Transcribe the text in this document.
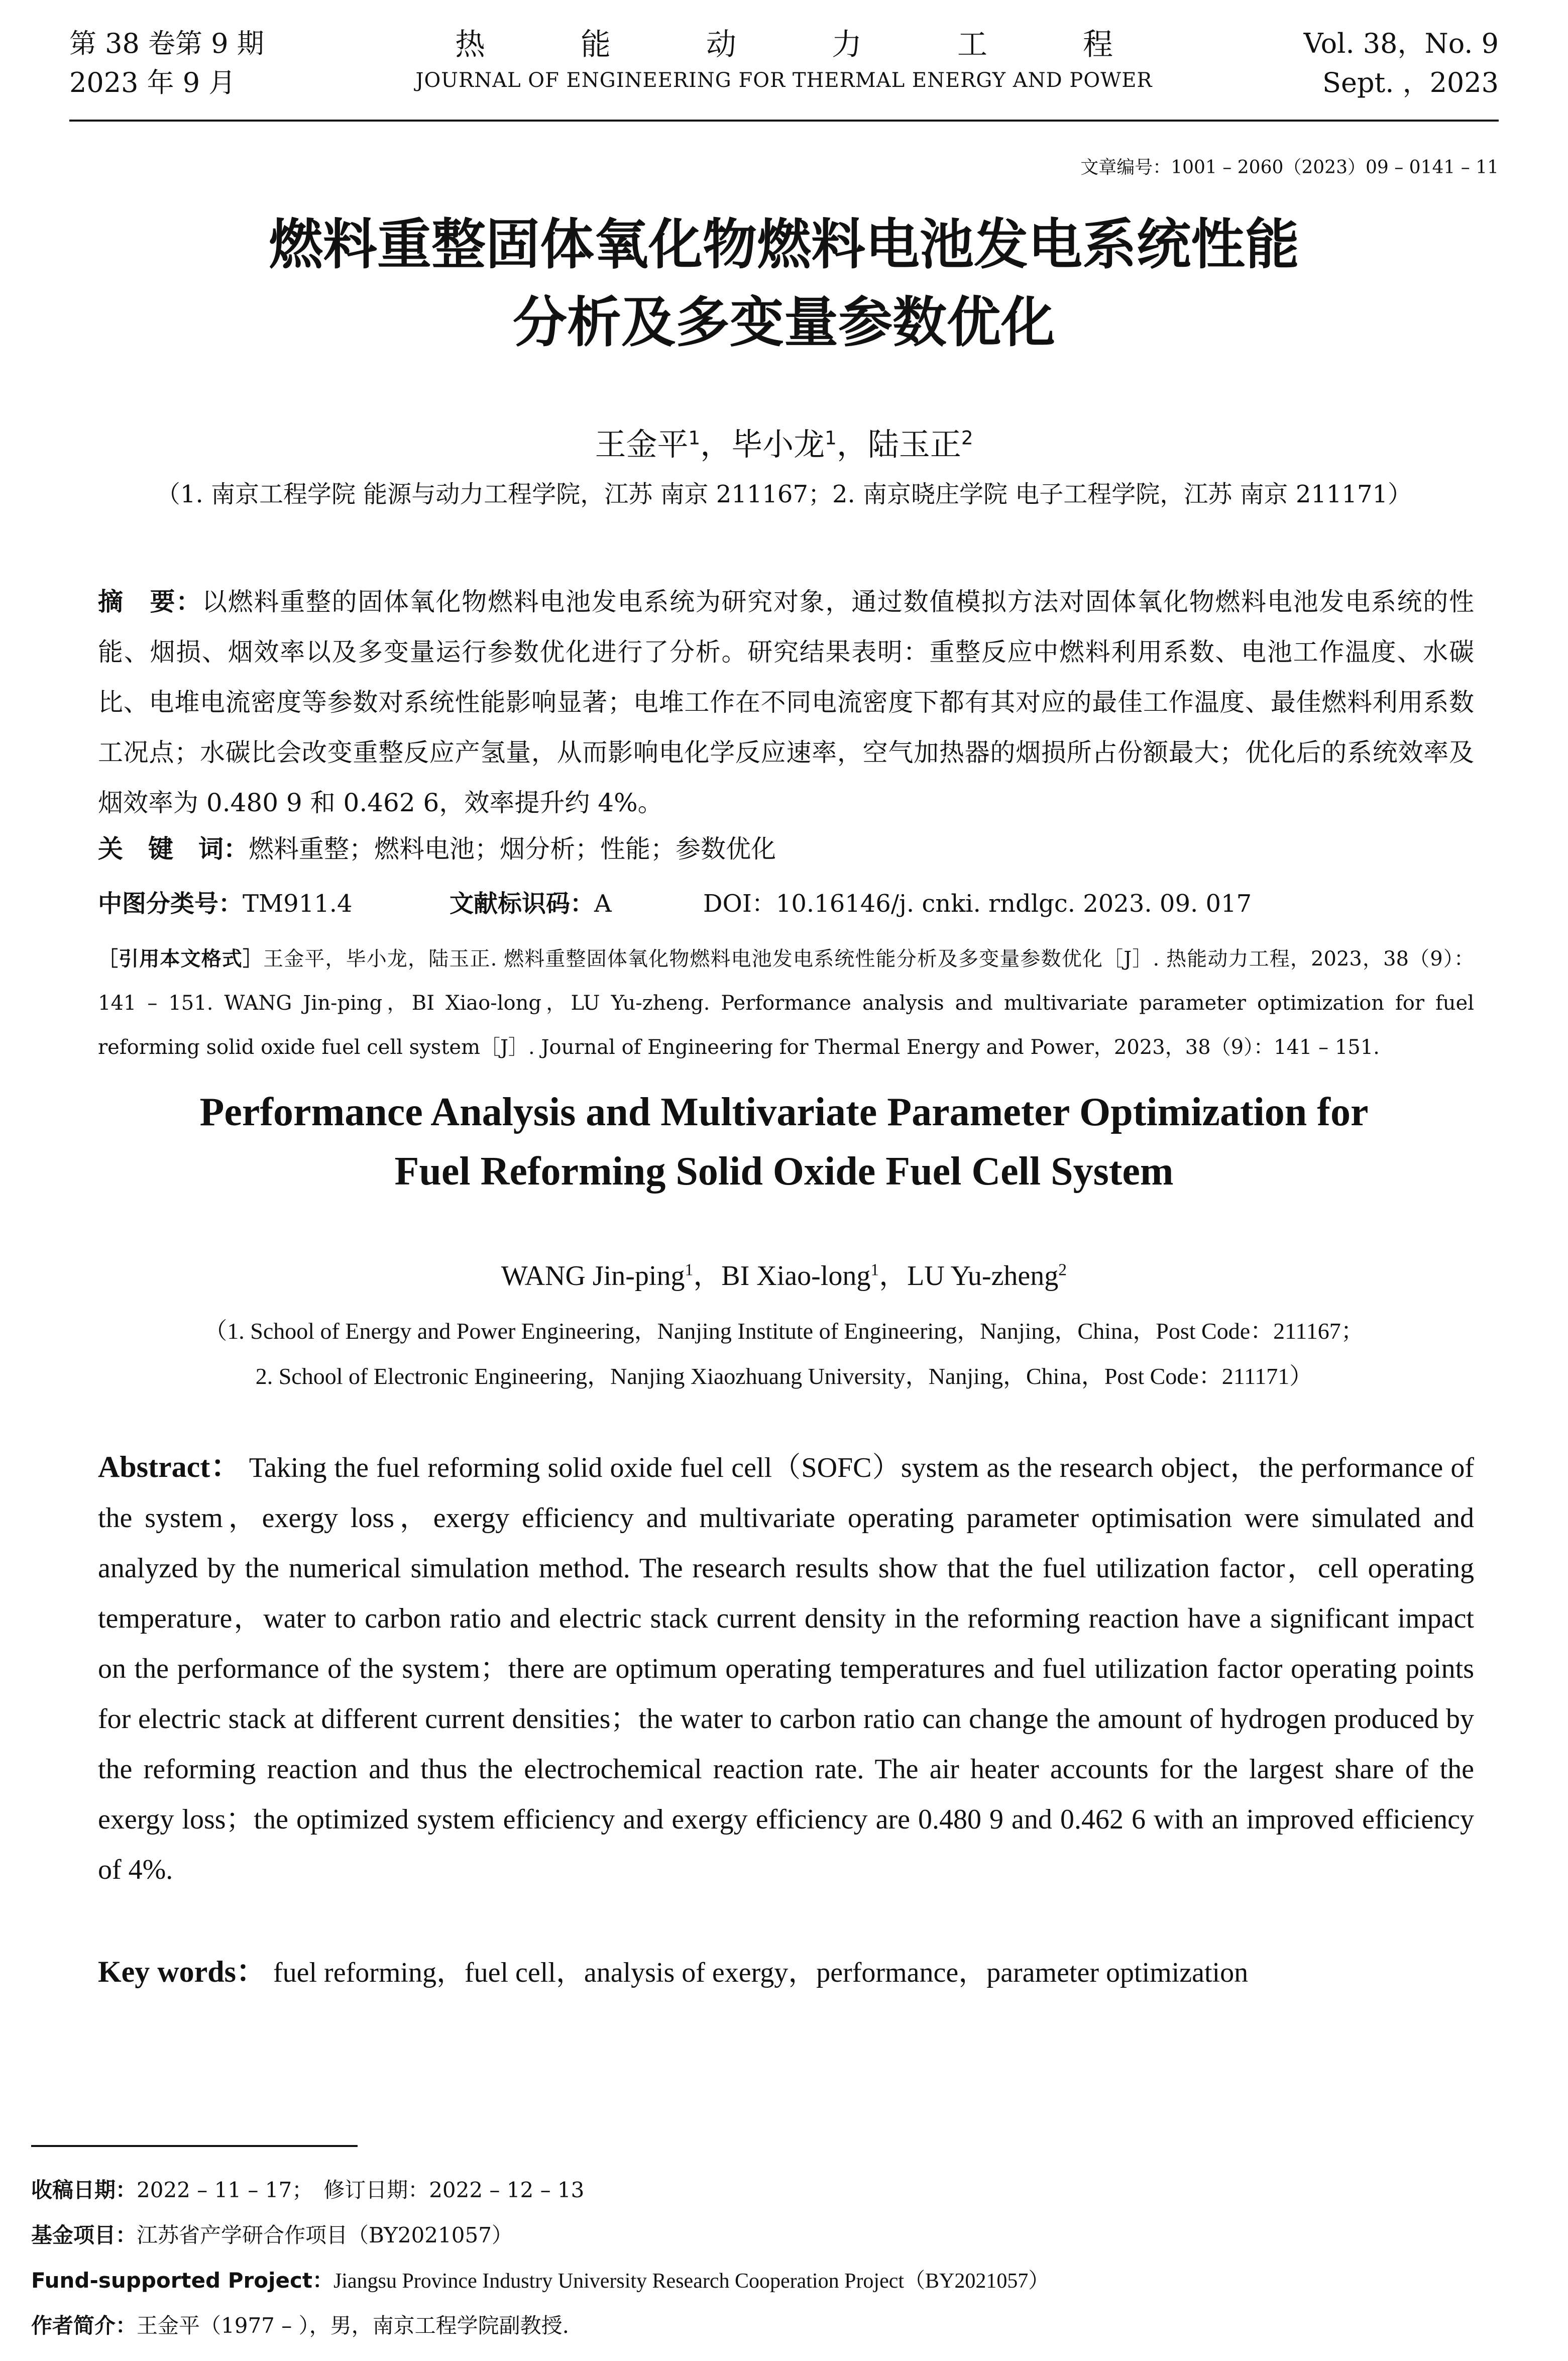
第 38 卷第 9 期
2023 年 9 月
热能动力工程
JOURNAL OF ENGINEERING FOR THERMAL ENERGY AND POWER
Vol. 38，No. 9
Sept. ，2023
文章编号：1001 – 2060（2023）09 – 0141 – 11
燃料重整固体氧化物燃料电池发电系统性能
分析及多变量参数优化
王金平$^1$，毕小龙$^1$，陆玉正$^2$
（1. 南京工程学院 能源与动力工程学院，江苏 南京 211167；2. 南京晓庄学院 电子工程学院，江苏 南京 211171）
摘　要：以燃料重整的固体氧化物燃料电池发电系统为研究对象，通过数值模拟方法对固体氧化物燃料电池发电系统的性能、烟损、烟效率以及多变量运行参数优化进行了分析。研究结果表明：重整反应中燃料利用系数、电池工作温度、水碳比、电堆电流密度等参数对系统性能影响显著；电堆工作在不同电流密度下都有其对应的最佳工作温度、最佳燃料利用系数工况点；水碳比会改变重整反应产氢量，从而影响电化学反应速率，空气加热器的烟损所占份额最大；优化后的系统效率及烟效率为 0.480 9 和 0.462 6，效率提升约 4%。
关　键　词：燃料重整；燃料电池；烟分析；性能；参数优化
中图分类号：TM911.4	文献标识码：A	DOI：10.16146/j. cnki. rndlgc. 2023. 09. 017
［引用本文格式］王金平，毕小龙，陆玉正. 燃料重整固体氧化物燃料电池发电系统性能分析及多变量参数优化［J］. 热能动力工程，2023，38（9）：141 – 151. WANG Jin-ping，BI Xiao-long，LU Yu-zheng. Performance analysis and multivariate parameter optimization for fuel reforming solid oxide fuel cell system［J］. Journal of Engineering for Thermal Energy and Power，2023，38（9）：141 – 151.
Performance Analysis and Multivariate Parameter Optimization for
Fuel Reforming Solid Oxide Fuel Cell System
WANG Jin-ping$^1$，BI Xiao-long$^1$，LU Yu-zheng$^2$
（1. School of Energy and Power Engineering，Nanjing Institute of Engineering，Nanjing，China，Post Code：211167；
2. School of Electronic Engineering，Nanjing Xiaozhuang University，Nanjing，China，Post Code：211171）
Abstract： Taking the fuel reforming solid oxide fuel cell（SOFC）system as the research object，the performance of the system，exergy loss，exergy efficiency and multivariate operating parameter optimisation were simulated and analyzed by the numerical simulation method. The research results show that the fuel utilization factor，cell operating temperature，water to carbon ratio and electric stack current density in the reforming reaction have a significant impact on the performance of the system；there are optimum operating temperatures and fuel utilization factor operating points for electric stack at different current densities；the water to carbon ratio can change the amount of hydrogen produced by the reforming reaction and thus the electrochemical reaction rate. The air heater accounts for the largest share of the exergy loss；the optimized system efficiency and exergy efficiency are 0.480 9 and 0.462 6 with an improved efficiency of 4%.
Key words： fuel reforming，fuel cell，analysis of exergy，performance，parameter optimization
收稿日期：2022 – 11 – 17；　修订日期：2022 – 12 – 13
基金项目：江苏省产学研合作项目（BY2021057）
Fund-supported Project：Jiangsu Province Industry University Research Cooperation Project（BY2021057）
作者简介：王金平（1977 – ），男，南京工程学院副教授.
